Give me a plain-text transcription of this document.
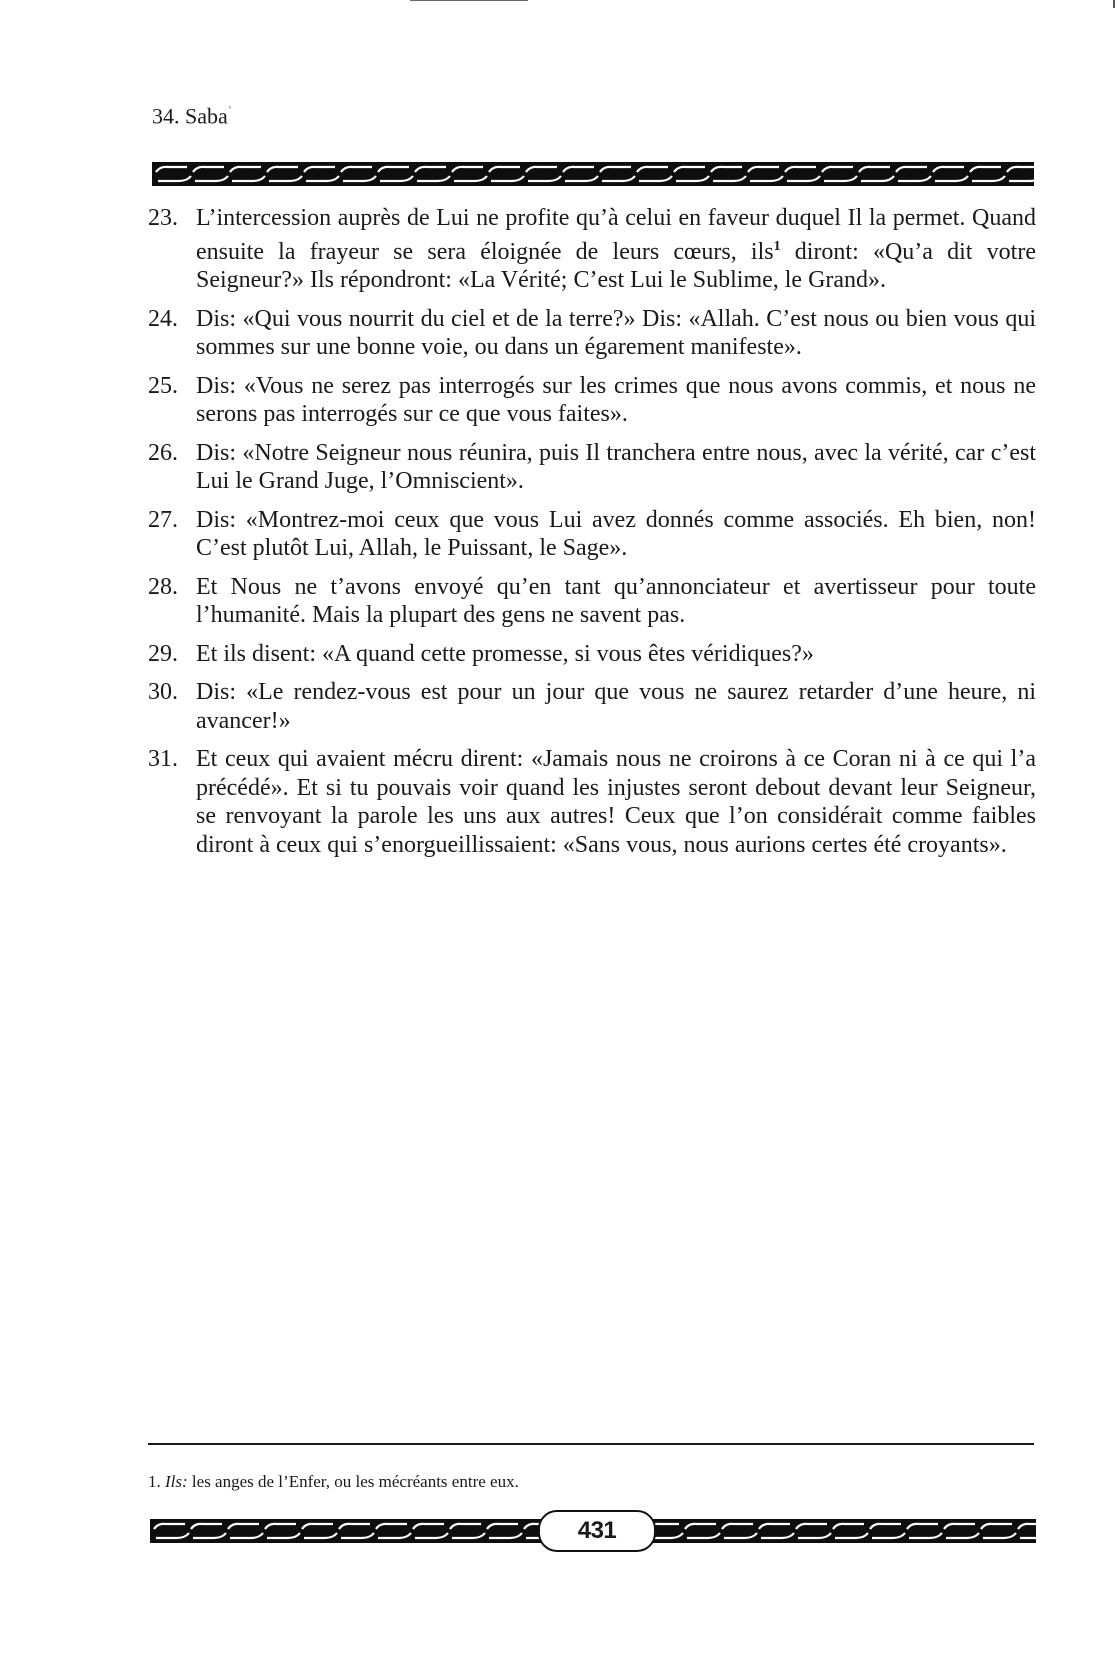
34. Saba$^ʾ$
23. L’intercession auprès de Lui ne profite qu’à celui en faveur duquel Il la permet. Quand ensuite la frayeur se sera éloignée de leurs cœurs, ils$^1$ diront: «Qu’a dit votre Seigneur?» Ils répondront: «La Vérité; C’est Lui le Sublime, le Grand».
24. Dis: «Qui vous nourrit du ciel et de la terre?» Dis: «Allah. C’est nous ou bien vous qui sommes sur une bonne voie, ou dans un égarement manifeste».
25. Dis: «Vous ne serez pas interrogés sur les crimes que nous avons commis, et nous ne serons pas interrogés sur ce que vous faites».
26. Dis: «Notre Seigneur nous réunira, puis Il tranchera entre nous, avec la vérité, car c’est Lui le Grand Juge, l’Omniscient».
27. Dis: «Montrez-moi ceux que vous Lui avez donnés comme associés. Eh bien, non! C’est plutôt Lui, Allah, le Puissant, le Sage».
28. Et Nous ne t’avons envoyé qu’en tant qu’annonciateur et avertisseur pour toute l’humanité. Mais la plupart des gens ne savent pas.
29. Et ils disent: «A quand cette promesse, si vous êtes véridiques?»
30. Dis: «Le rendez-vous est pour un jour que vous ne saurez retarder d’une heure, ni avancer!»
31. Et ceux qui avaient mécru dirent: «Jamais nous ne croirons à ce Coran ni à ce qui l’a précédé». Et si tu pouvais voir quand les injustes seront debout devant leur Seigneur, se renvoyant la parole les uns aux autres! Ceux que l’on considérait comme faibles diront à ceux qui s’enorgueillissaient: «Sans vous, nous aurions certes été croyants».
1. Ils: les anges de l’Enfer, ou les mécréants entre eux.
431
